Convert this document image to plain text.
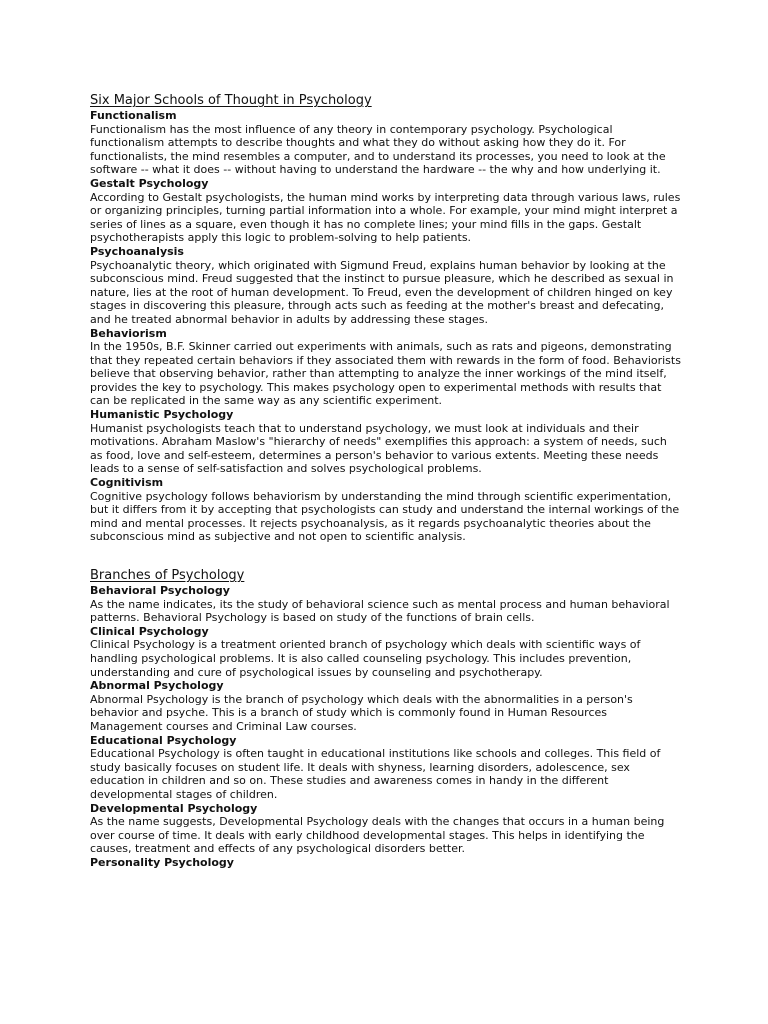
Six Major Schools of Thought in Psychology

Functionalism

Functionalism has the most influence of any theory in contemporary psychology. Psychological functionalism attempts to describe thoughts and what they do without asking how they do it. For functionalists, the mind resembles a computer, and to understand its processes, you need to look at the software -- what it does -- without having to understand the hardware -- the why and how underlying it.

Gestalt Psychology

According to Gestalt psychologists, the human mind works by interpreting data through various laws, rules or organizing principles, turning partial information into a whole. For example, your mind might interpret a series of lines as a square, even though it has no complete lines; your mind fills in the gaps. Gestalt psychotherapists apply this logic to problem-solving to help patients.

Psychoanalysis

Psychoanalytic theory, which originated with Sigmund Freud, explains human behavior by looking at the subconscious mind. Freud suggested that the instinct to pursue pleasure, which he described as sexual in nature, lies at the root of human development. To Freud, even the development of children hinged on key stages in discovering this pleasure, through acts such as feeding at the mother's breast and defecating, and he treated abnormal behavior in adults by addressing these stages.

Behaviorism

In the 1950s, B.F. Skinner carried out experiments with animals, such as rats and pigeons, demonstrating that they repeated certain behaviors if they associated them with rewards in the form of food. Behaviorists believe that observing behavior, rather than attempting to analyze the inner workings of the mind itself, provides the key to psychology. This makes psychology open to experimental methods with results that can be replicated in the same way as any scientific experiment.

Humanistic Psychology

Humanist psychologists teach that to understand psychology, we must look at individuals and their motivations. Abraham Maslow's "hierarchy of needs" exemplifies this approach: a system of needs, such as food, love and self-esteem, determines a person's behavior to various extents. Meeting these needs leads to a sense of self-satisfaction and solves psychological problems.

Cognitivism

Cognitive psychology follows behaviorism by understanding the mind through scientific experimentation, but it differs from it by accepting that psychologists can study and understand the internal workings of the mind and mental processes. It rejects psychoanalysis, as it regards psychoanalytic theories about the subconscious mind as subjective and not open to scientific analysis.

Branches of Psychology

Behavioral Psychology

As the name indicates, its the study of behavioral science such as mental process and human behavioral patterns. Behavioral Psychology is based on study of the functions of brain cells.

Clinical Psychology

Clinical Psychology is a treatment oriented branch of psychology which deals with scientific ways of handling psychological problems. It is also called counseling psychology. This includes prevention, understanding and cure of psychological issues by counseling and psychotherapy.

Abnormal Psychology

Abnormal Psychology is the branch of psychology which deals with the abnormalities in a person's behavior and psyche. This is a branch of study which is commonly found in Human Resources Management courses and Criminal Law courses.

Educational Psychology

Educational Psychology is often taught in educational institutions like schools and colleges. This field of study basically focuses on student life. It deals with shyness, learning disorders, adolescence, sex education in children and so on. These studies and awareness comes in handy in the different developmental stages of children.

Developmental Psychology

As the name suggests, Developmental Psychology deals with the changes that occurs in a human being over course of time. It deals with early childhood developmental stages. This helps in identifying the causes, treatment and effects of any psychological disorders better.

Personality Psychology
